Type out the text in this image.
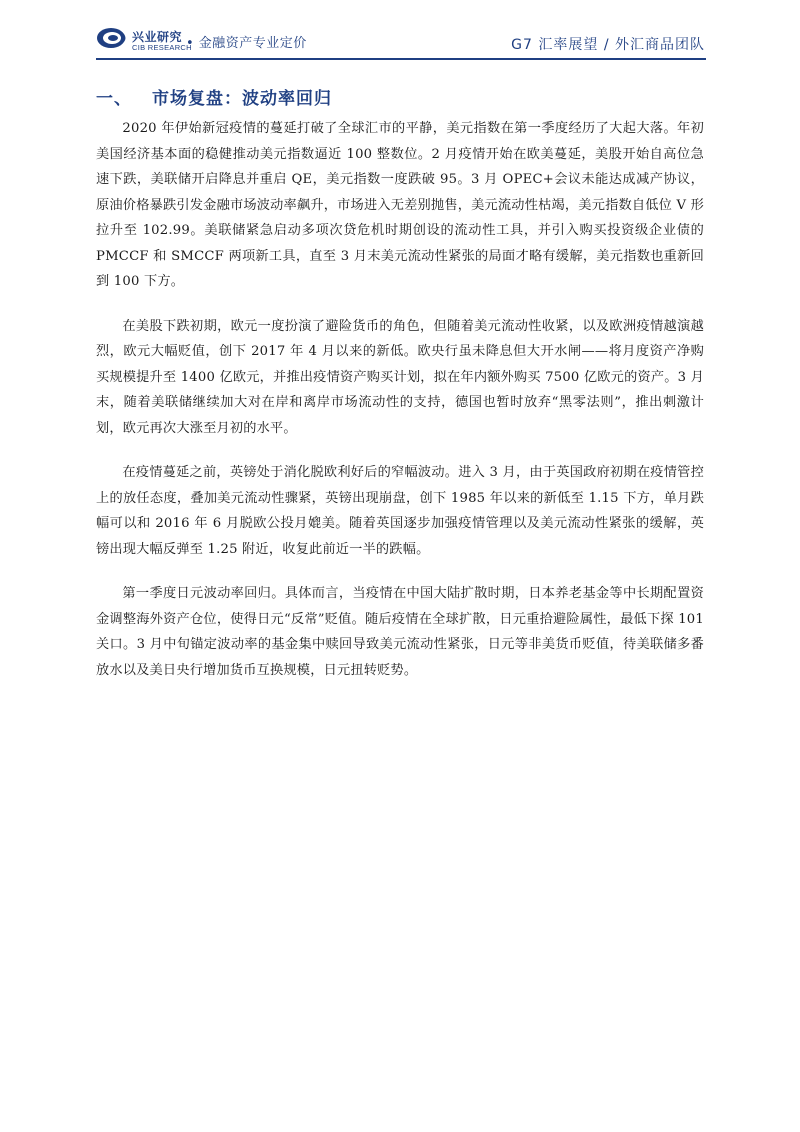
兴业研究
CIB RESEARCH
• 金融资产专业定价	G7 汇率展望 / 外汇商品团队
一、 市场复盘：波动率回归

2020 年伊始新冠疫情的蔓延打破了全球汇市的平静，美元指数在第一季度经历了大起大落。年初美国经济基本面的稳健推动美元指数逼近 100 整数位。2 月疫情开始在欧美蔓延，美股开始自高位急速下跌，美联储开启降息并重启 QE，美元指数一度跌破 95。3 月 OPEC+会议未能达成减产协议，原油价格暴跌引发金融市场波动率飙升，市场进入无差别抛售，美元流动性枯竭，美元指数自低位 V 形拉升至 102.99。美联储紧急启动多项次贷危机时期创设的流动性工具，并引入购买投资级企业债的 PMCCF 和 SMCCF 两项新工具，直至 3 月末美元流动性紧张的局面才略有缓解，美元指数也重新回到 100 下方。

在美股下跌初期，欧元一度扮演了避险货币的角色，但随着美元流动性收紧，以及欧洲疫情越演越烈，欧元大幅贬值，创下 2017 年 4 月以来的新低。欧央行虽未降息但大开水闸——将月度资产净购买规模提升至 1400 亿欧元，并推出疫情资产购买计划，拟在年内额外购买 7500 亿欧元的资产。3 月末，随着美联储继续加大对在岸和离岸市场流动性的支持，德国也暂时放弃“黑零法则”，推出刺激计划，欧元再次大涨至月初的水平。

在疫情蔓延之前，英镑处于消化脱欧利好后的窄幅波动。进入 3 月，由于英国政府初期在疫情管控上的放任态度，叠加美元流动性骤紧，英镑出现崩盘，创下 1985 年以来的新低至 1.15 下方，单月跌幅可以和 2016 年 6 月脱欧公投月媲美。随着英国逐步加强疫情管理以及美元流动性紧张的缓解，英镑出现大幅反弹至 1.25 附近，收复此前近一半的跌幅。

第一季度日元波动率回归。具体而言，当疫情在中国大陆扩散时期，日本养老基金等中长期配置资金调整海外资产仓位，使得日元“反常”贬值。随后疫情在全球扩散，日元重拾避险属性，最低下探 101 关口。3 月中旬锚定波动率的基金集中赎回导致美元流动性紧张，日元等非美货币贬值，待美联储多番放水以及美日央行增加货币互换规模，日元扭转贬势。
